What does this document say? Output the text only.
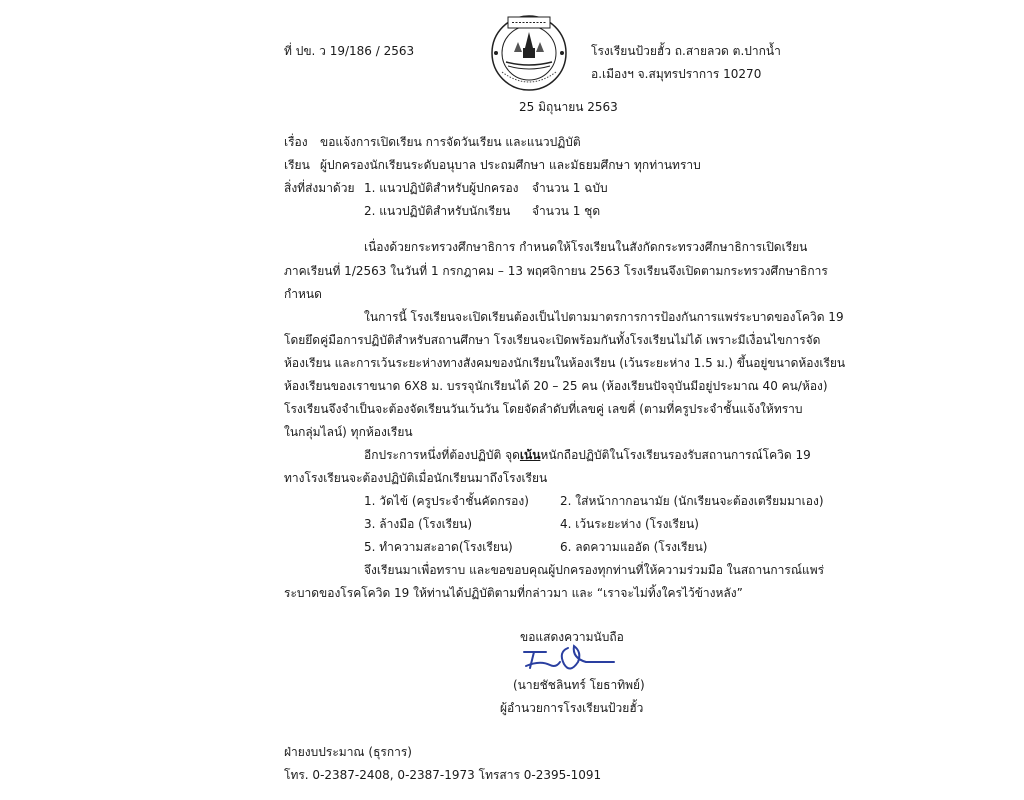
ที่ ปข. ว 19/186 / 2563	โรงเรียนป้วยฮั้ว ถ.สายลวด ต.ปากน้ำ
อ.เมืองฯ จ.สมุทรปราการ 10270
25 มิถุนายน 2563
เรื่อง ขอแจ้งการเปิดเรียน การจัดวันเรียน และแนวปฏิบัติ
เรียน ผู้ปกครองนักเรียนระดับอนุบาล ประถมศึกษา และมัธยมศึกษา ทุกท่านทราบ
สิ่งที่ส่งมาด้วย 1. แนวปฏิบัติสำหรับผู้ปกครอง จำนวน 1 ฉบับ
2. แนวปฏิบัติสำหรับนักเรียน จำนวน 1 ชุด
เนื่องด้วยกระทรวงศึกษาธิการ กำหนดให้โรงเรียนในสังกัดกระทรวงศึกษาธิการเปิดเรียน
ภาคเรียนที่ 1/2563 ในวันที่ 1 กรกฎาคม – 13 พฤศจิกายน 2563 โรงเรียนจึงเปิดตามกระทรวงศึกษาธิการ
กำหนด
ในการนี้ โรงเรียนจะเปิดเรียนต้องเป็นไปตามมาตรการการป้องกันการแพร่ระบาดของโควิด 19
โดยยึดคู่มือการปฏิบัติสำหรับสถานศึกษา โรงเรียนจะเปิดพร้อมกันทั้งโรงเรียนไม่ได้ เพราะมีเงื่อนไขการจัด
ห้องเรียน และการเว้นระยะห่างทางสังคมของนักเรียนในห้องเรียน (เว้นระยะห่าง 1.5 ม.) ขึ้นอยู่ขนาดห้องเรียน
ห้องเรียนของเราขนาด 6X8 ม. บรรจุนักเรียนได้ 20 – 25 คน (ห้องเรียนปัจจุบันมีอยู่ประมาณ 40 คน/ห้อง)
โรงเรียนจึงจำเป็นจะต้องจัดเรียนวันเว้นวัน โดยจัดลำดับที่เลขคู่ เลขคี่ (ตามที่ครูประจำชั้นแจ้งให้ทราบ
ในกลุ่มไลน์) ทุกห้องเรียน
อีกประการหนึ่งที่ต้องปฏิบัติ จุดเน้นหนักถือปฏิบัติในโรงเรียนรองรับสถานการณ์โควิด 19
ทางโรงเรียนจะต้องปฏิบัติเมื่อนักเรียนมาถึงโรงเรียน
1. วัดไข้ (ครูประจำชั้นคัดกรอง)	2. ใส่หน้ากากอนามัย (นักเรียนจะต้องเตรียมมาเอง)
3. ล้างมือ (โรงเรียน)	4. เว้นระยะห่าง (โรงเรียน)
5. ทำความสะอาด(โรงเรียน)	6. ลดความแออัด (โรงเรียน)
จึงเรียนมาเพื่อทราบ และขอขอบคุณผู้ปกครองทุกท่านที่ให้ความร่วมมือ ในสถานการณ์แพร่
ระบาดของโรคโควิด 19 ให้ท่านได้ปฏิบัติตามที่กล่าวมา และ “เราจะไม่ทิ้งใครไว้ข้างหลัง”
ขอแสดงความนับถือ
(นายชัชลินทร์ โยธาทิพย์)
ผู้อำนวยการโรงเรียนป้วยฮั้ว
ฝ่ายงบประมาณ (ธุรการ)
โทร. 0-2387-2408, 0-2387-1973 โทรสาร 0-2395-1091
